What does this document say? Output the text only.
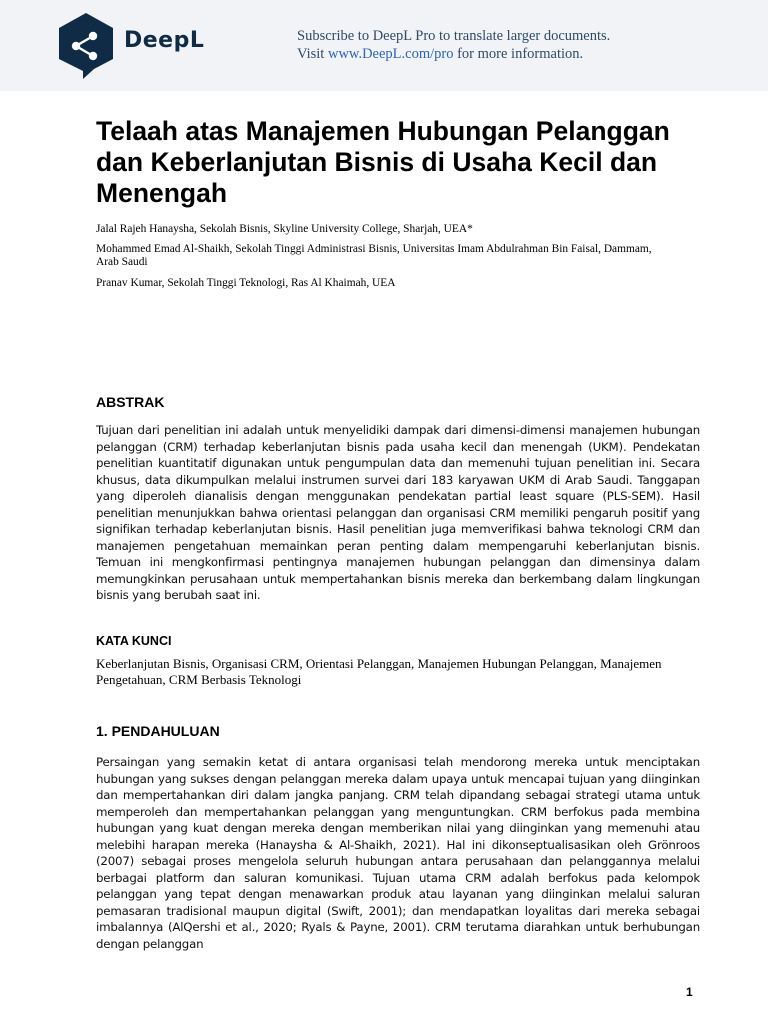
DeepL	Subscribe to DeepL Pro to translate larger documents.
Visit www.DeepL.com/pro for more information.
Telaah atas Manajemen Hubungan Pelanggan dan Keberlanjutan Bisnis di Usaha Kecil dan Menengah
Jalal Rajeh Hanaysha, Sekolah Bisnis, Skyline University College, Sharjah, UEA*
Mohammed Emad Al-Shaikh, Sekolah Tinggi Administrasi Bisnis, Universitas Imam Abdulrahman Bin Faisal, Dammam, Arab Saudi
Pranav Kumar, Sekolah Tinggi Teknologi, Ras Al Khaimah, UEA
ABSTRAK

Tujuan dari penelitian ini adalah untuk menyelidiki dampak dari dimensi-dimensi manajemen hubungan pelanggan (CRM) terhadap keberlanjutan bisnis pada usaha kecil dan menengah (UKM). Pendekatan penelitian kuantitatif digunakan untuk pengumpulan data dan memenuhi tujuan penelitian ini. Secara khusus, data dikumpulkan melalui instrumen survei dari 183 karyawan UKM di Arab Saudi. Tanggapan yang diperoleh dianalisis dengan menggunakan pendekatan partial least square (PLS-SEM). Hasil penelitian menunjukkan bahwa orientasi pelanggan dan organisasi CRM memiliki pengaruh positif yang signifikan terhadap keberlanjutan bisnis. Hasil penelitian juga memverifikasi bahwa teknologi CRM dan manajemen pengetahuan memainkan peran penting dalam mempengaruhi keberlanjutan bisnis. Temuan ini mengkonfirmasi pentingnya manajemen hubungan pelanggan dan dimensinya dalam memungkinkan perusahaan untuk mempertahankan bisnis mereka dan berkembang dalam lingkungan bisnis yang berubah saat ini.

KATA KUNCI

Keberlanjutan Bisnis, Organisasi CRM, Orientasi Pelanggan, Manajemen Hubungan Pelanggan, Manajemen Pengetahuan, CRM Berbasis Teknologi

1. PENDAHULUAN

Persaingan yang semakin ketat di antara organisasi telah mendorong mereka untuk menciptakan hubungan yang sukses dengan pelanggan mereka dalam upaya untuk mencapai tujuan yang diinginkan dan mempertahankan diri dalam jangka panjang. CRM telah dipandang sebagai strategi utama untuk memperoleh dan mempertahankan pelanggan yang menguntungkan. CRM berfokus pada membina hubungan yang kuat dengan mereka dengan memberikan nilai yang diinginkan yang memenuhi atau melebihi harapan mereka (Hanaysha & Al-Shaikh, 2021). Hal ini dikonseptualisasikan oleh Grönroos (2007) sebagai proses mengelola seluruh hubungan antara perusahaan dan pelanggannya melalui berbagai platform dan saluran komunikasi. Tujuan utama CRM adalah berfokus pada kelompok pelanggan yang tepat dengan menawarkan produk atau layanan yang diinginkan melalui saluran pemasaran tradisional maupun digital (Swift, 2001); dan mendapatkan loyalitas dari mereka sebagai imbalannya (AlQershi et al., 2020; Ryals & Payne, 2001). CRM terutama diarahkan untuk berhubungan dengan pelanggan

1
